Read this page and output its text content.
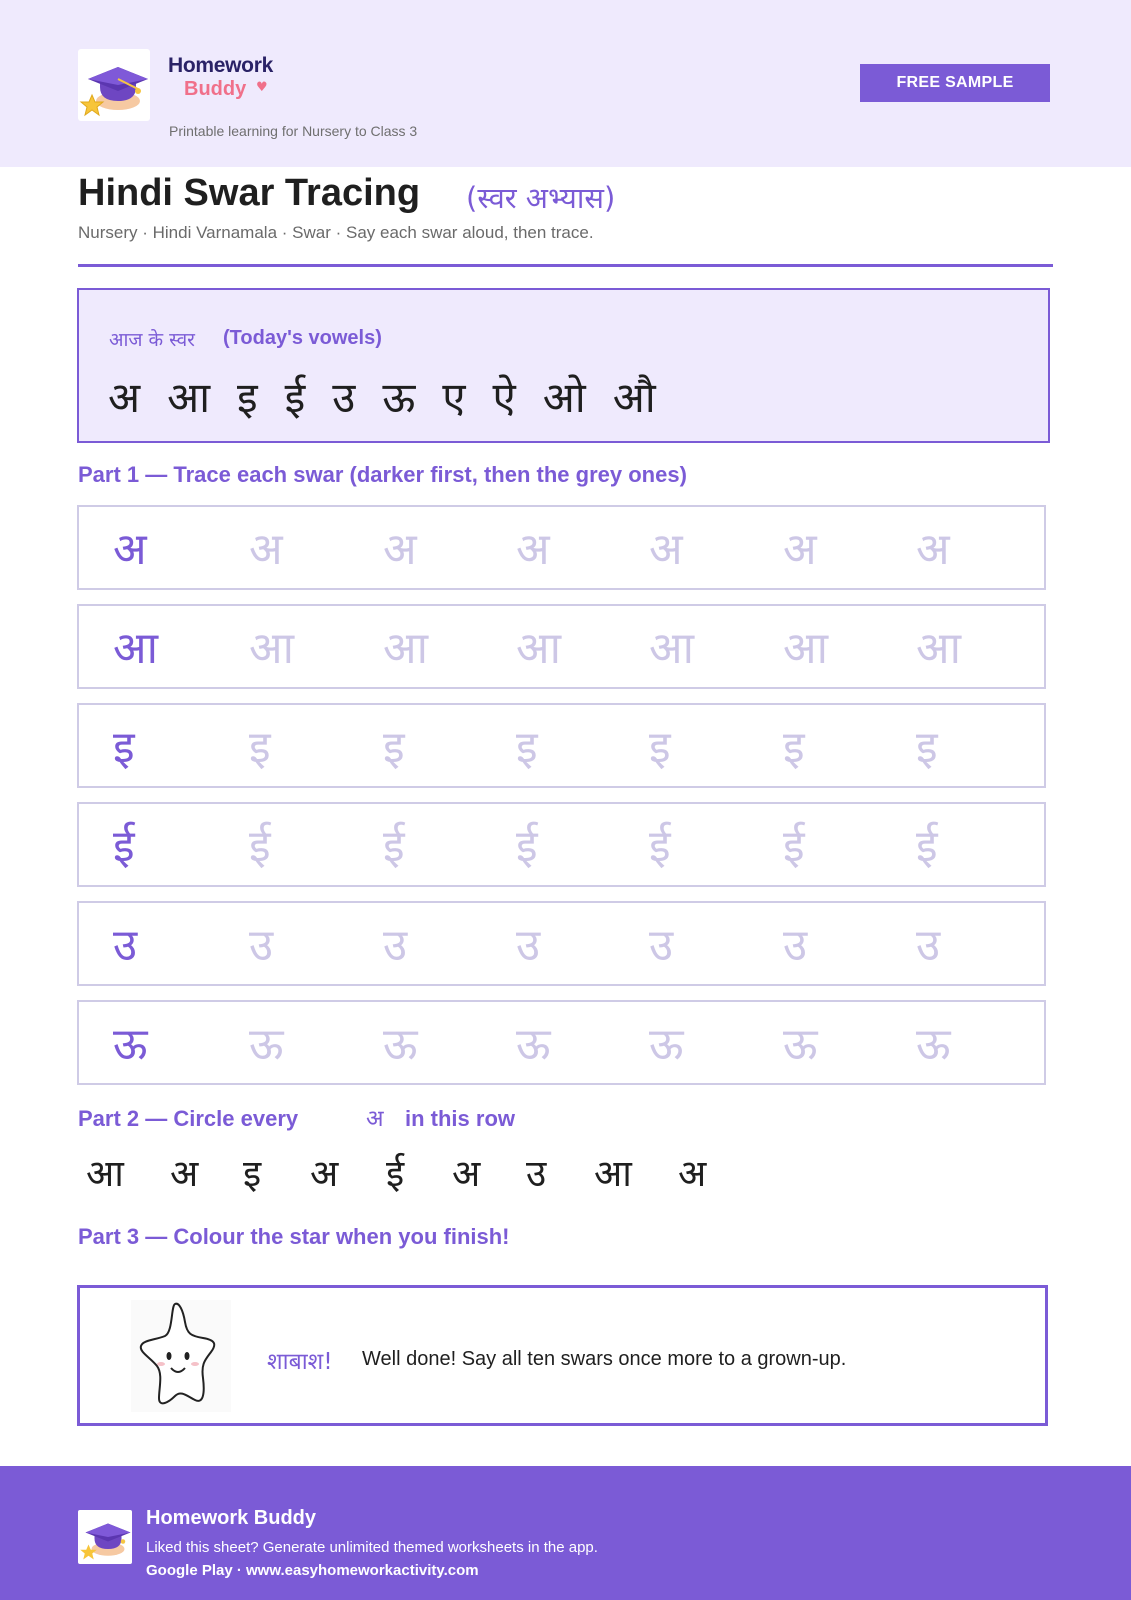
Homework
Buddy ﻿♥
Printable learning for Nursery to Class 3
FREE SAMPLE
Hindi Swar Tracing (स्वर अभ्यास)
Nursery · Hindi Varnamala · Swar · Say each swar aloud, then trace.
आज के स्वर (Today's vowels)
अ आ इ ई उ ऊ ए ऐ ओ औ
Part 1 — Trace each swar (darker first, then the grey ones)
अ अ अ अ अ अ अ
आ आ आ आ आ आ आ
इ	इ	इ	इ	इ	इ	इ
ई	ई	ई	ई	ई	ई	ई
उ	उ उ उ उ उ उ
ऊ ऊ ऊ ऊ ऊ ऊ ऊ
Part 2 — Circle every	अ in this row
आ अ इ अ ई अ उ आ अ
Part 3 — Colour the star when you finish!
शाबाश! Well done! Say all ten swars once more to a grown-up.
Homework Buddy
Liked this sheet? Generate unlimited themed worksheets in the app.
Google Play · www.easyhomeworkactivity.com
